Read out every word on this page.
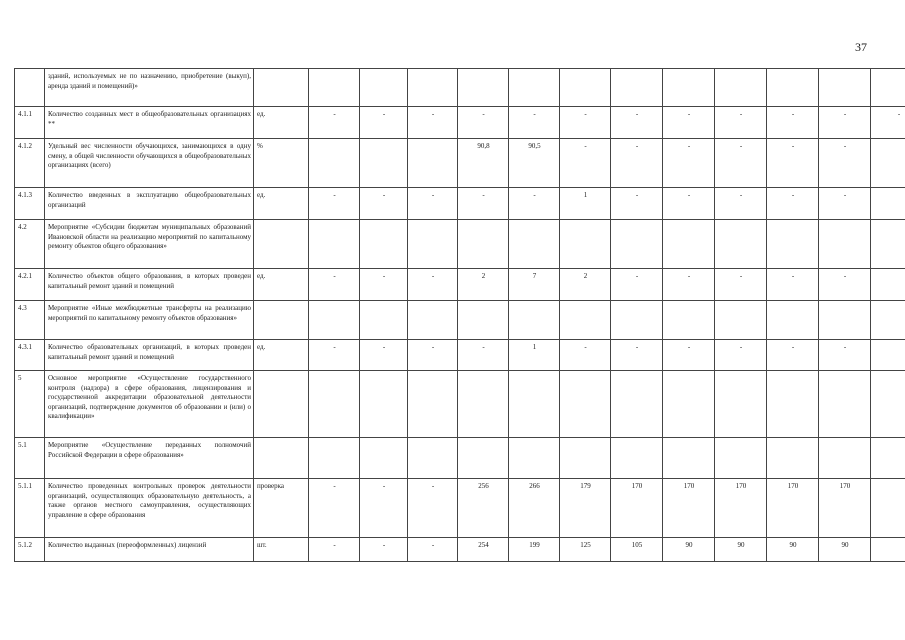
37
	зданий, используемых не по назначению, приобретение (выкуп), аренда зданий и помещений)»													
4.1.1	Количество созданных мест в общеобразовательных организациях **	ед.	-	-	-	-	-	-	-	-	-	-	-	-
4.1.2	Удельный вес численности обучающихся, занимающихся в одну смену, в общей численности обучающихся в общеобразовательных организациях (всего)	%				90,8	90,5	-	-	-	-	-	-	
4.1.3	Количество введенных в эксплуатацию общеобразовательных организаций	ед.	-	-	-	-	-	1	-	-	-	-	-	
4.2	Мероприятие «Субсидии бюджетам муниципальных образований Ивановской области на реализацию мероприятий по капитальному ремонту объектов общего образования»													
4.2.1	Количество объектов общего образования, в которых проведен капитальный ремонт зданий и помещений	ед.	-	-	-	2	7	2	-	-	-	-	-	
4.3	Мероприятие «Иные межбюджетные трансферты на реализацию мероприятий по капитальному ремонту объектов образования»													
4.3.1	Количество образовательных организаций, в которых проведен капитальный ремонт зданий и помещений	ед.	-	-	-	-	1	-	-	-	-	-	-	
5	Основное мероприятие «Осуществление государственного контроля (надзора) в сфере образования, лицензирования и государственной аккредитации образовательной деятельности организаций, подтверждение документов об образовании и (или) о квалификации»													
5.1	Мероприятие «Осуществление переданных полномочий Российской Федерации в сфере образования»													
5.1.1	Количество проведенных контрольных проверок деятельности организаций, осуществляющих образовательную деятельность, а также органов местного самоуправления, осуществляющих управление в сфере образования	проверка	-	-	-	256	266	179	170	170	170	170	170	
5.1.2	Количество выданных (переоформленных) лицензий	шт.	-	-	-	254	199	125	105	90	90	90	90	
